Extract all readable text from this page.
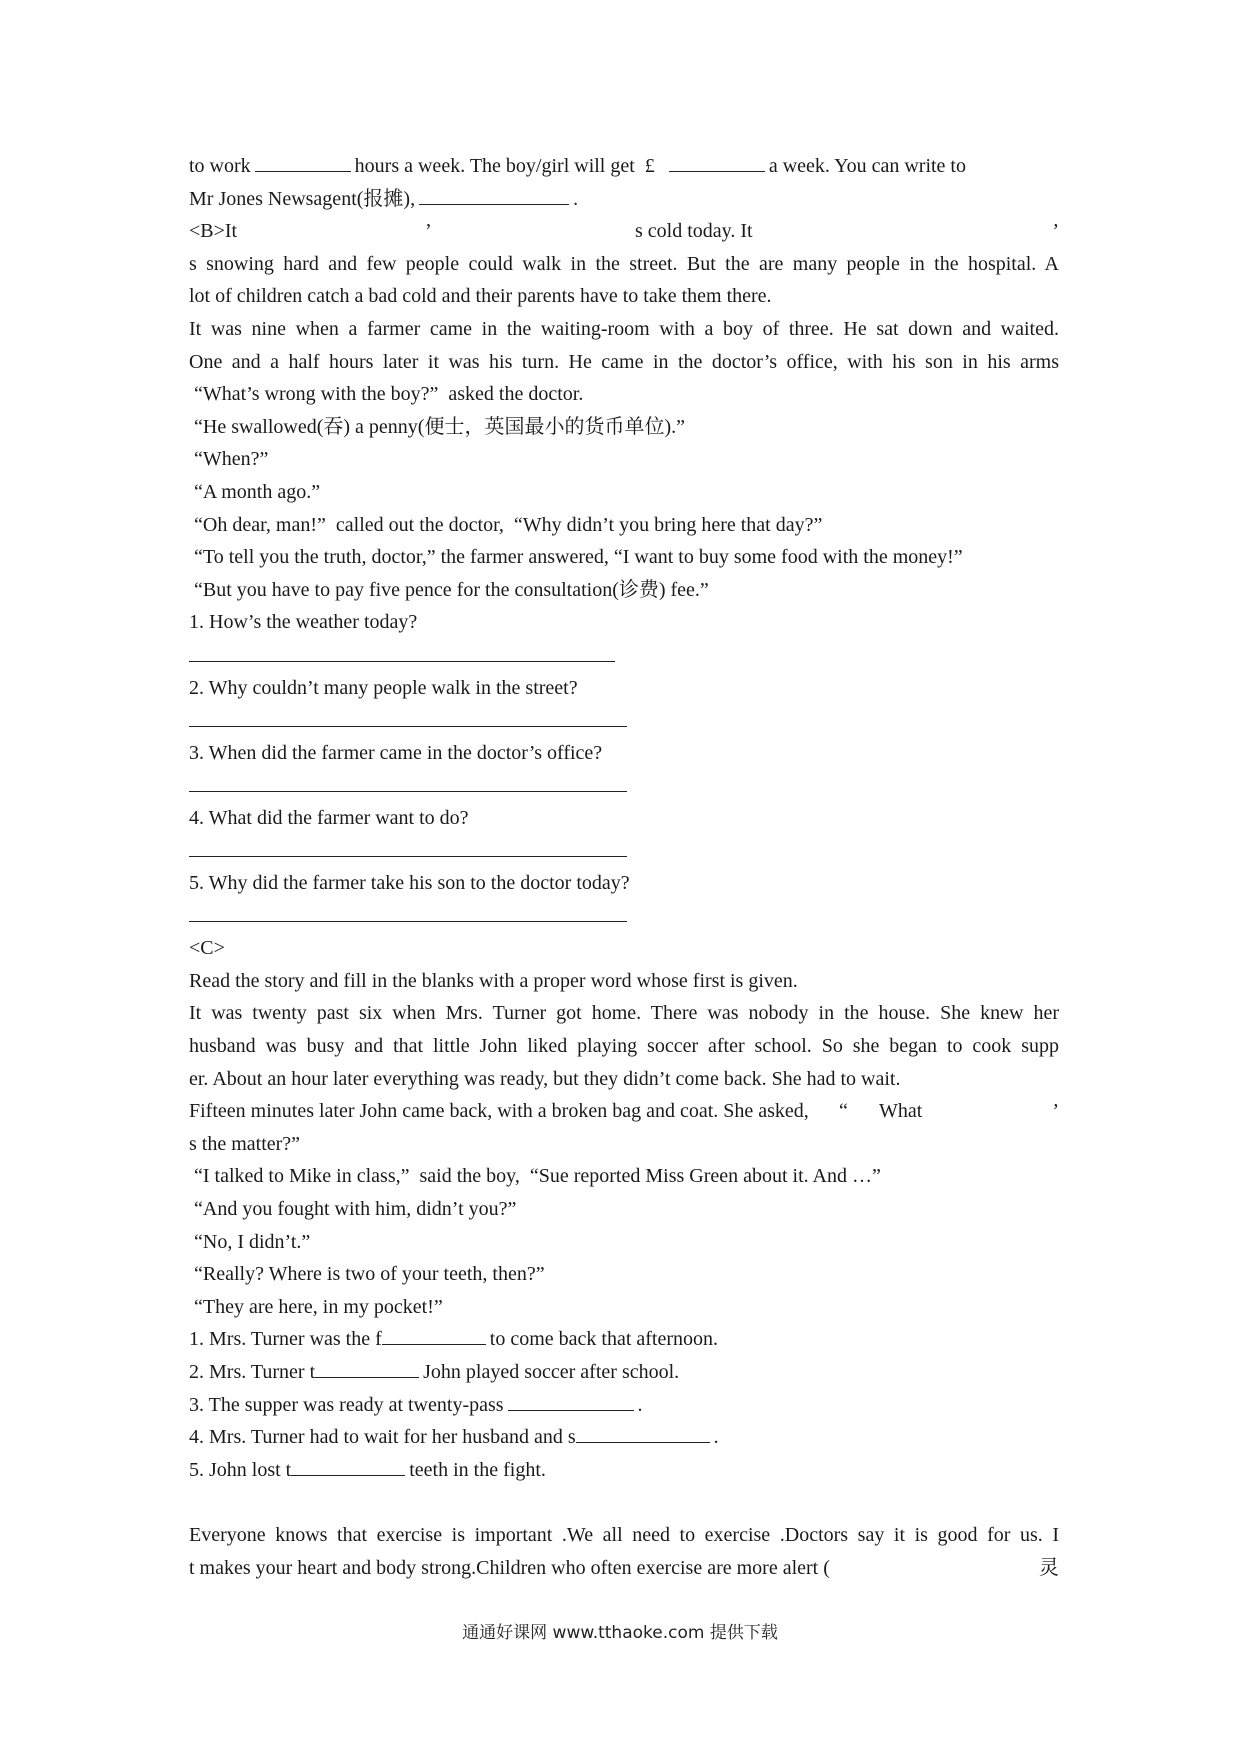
to work	hours a week. The boy/girl will get  £	a week. You can write to
Mr Jones Newsagent(报摊),	.
<B>It	’	s cold today. It	’
s snowing hard and few people could walk in the street. But the are many people in the hospital. A
lot of children catch a bad cold and their parents have to take them there.
It was nine when a farmer came in the waiting-room with a boy of three. He sat down and waited.
One and a half hours later it was his turn. He came in the doctor’s office, with his son in his arms
“What’s wrong with the boy?”  asked the doctor.
“He swallowed(吞) a penny(便士，英国最小的货币单位).”
“When?”
“A month ago.”
“Oh dear, man!”  called out the doctor,  “Why didn’t you bring here that day?”
“To tell you the truth, doctor,” the farmer answered, “I want to buy some food with the money!”
“But you have to pay five pence for the consultation(诊费) fee.”
1. How’s the weather today?
2. Why couldn’t many people walk in the street?
3. When did the farmer came in the doctor’s office?
4. What did the farmer want to do?
5. Why did the farmer take his son to the doctor today?
<C>
Read the story and fill in the blanks with a proper word whose first is given.
It was twenty past six when Mrs. Turner got home. There was nobody in the house. She knew her
husband was busy and that little John liked playing soccer after school. So she began to cook supp
er. About an hour later everything was ready, but they didn’t come back. She had to wait.
Fifteen minutes later John came back, with a broken bag and coat. She asked,	“	What	’
s the matter?”
“I talked to Mike in class,”  said the boy,  “Sue reported Miss Green about it. And …”
“And you fought with him, didn’t you?”
“No, I didn’t.”
“Really? Where is two of your teeth, then?”
“They are here, in my pocket!”
1. Mrs. Turner was the f	to come back that afternoon.
2. Mrs. Turner t	John played soccer after school.
3. The supper was ready at twenty-pass	.
4. Mrs. Turner had to wait for her husband and s	.
5. John lost t	teeth in the fight.

Everyone knows that exercise is important .We all need to exercise .Doctors say it is good for us. I
t makes your heart and body strong.Children who often exercise are more alert (	灵
通通好课网 www.tthaoke.com 提供下载
